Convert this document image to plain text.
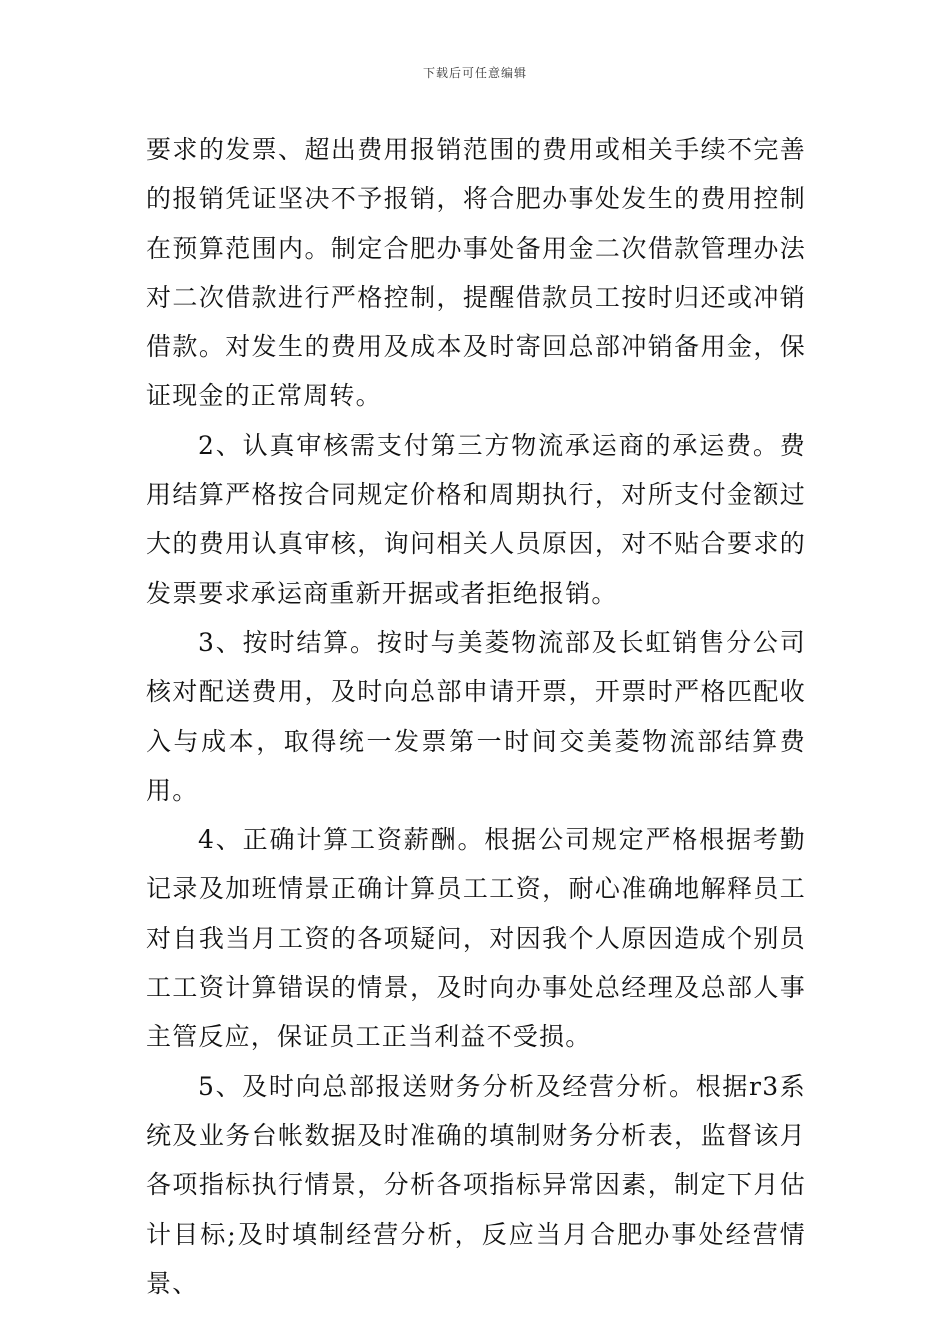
下载后可任意编辑

要求的发票、超出费用报销范围的费用或相关手续不完善的报销凭证坚决不予报销，将合肥办事处发生的费用控制在预算范围内。制定合肥办事处备用金二次借款管理办法对二次借款进行严格控制，提醒借款员工按时归还或冲销借款。对发生的费用及成本及时寄回总部冲销备用金，保证现金的正常周转。

2、认真审核需支付第三方物流承运商的承运费。费用结算严格按合同规定价格和周期执行，对所支付金额过大的费用认真审核，询问相关人员原因，对不贴合要求的发票要求承运商重新开据或者拒绝报销。

3、按时结算。按时与美菱物流部及长虹销售分公司核对配送费用，及时向总部申请开票，开票时严格匹配收入与成本，取得统一发票第一时间交美菱物流部结算费用。

4、正确计算工资薪酬。根据公司规定严格根据考勤记录及加班情景正确计算员工工资，耐心准确地解释员工对自我当月工资的各项疑问，对因我个人原因造成个别员工工资计算错误的情景，及时向办事处总经理及总部人事主管反应，保证员工正当利益不受损。

5、及时向总部报送财务分析及经营分析。根据r3系统及业务台帐数据及时准确的填制财务分析表，监督该月各项指标执行情景，分析各项指标异常因素，制定下月估计目标;及时填制经营分析，反应当月合肥办事处经营情景、
